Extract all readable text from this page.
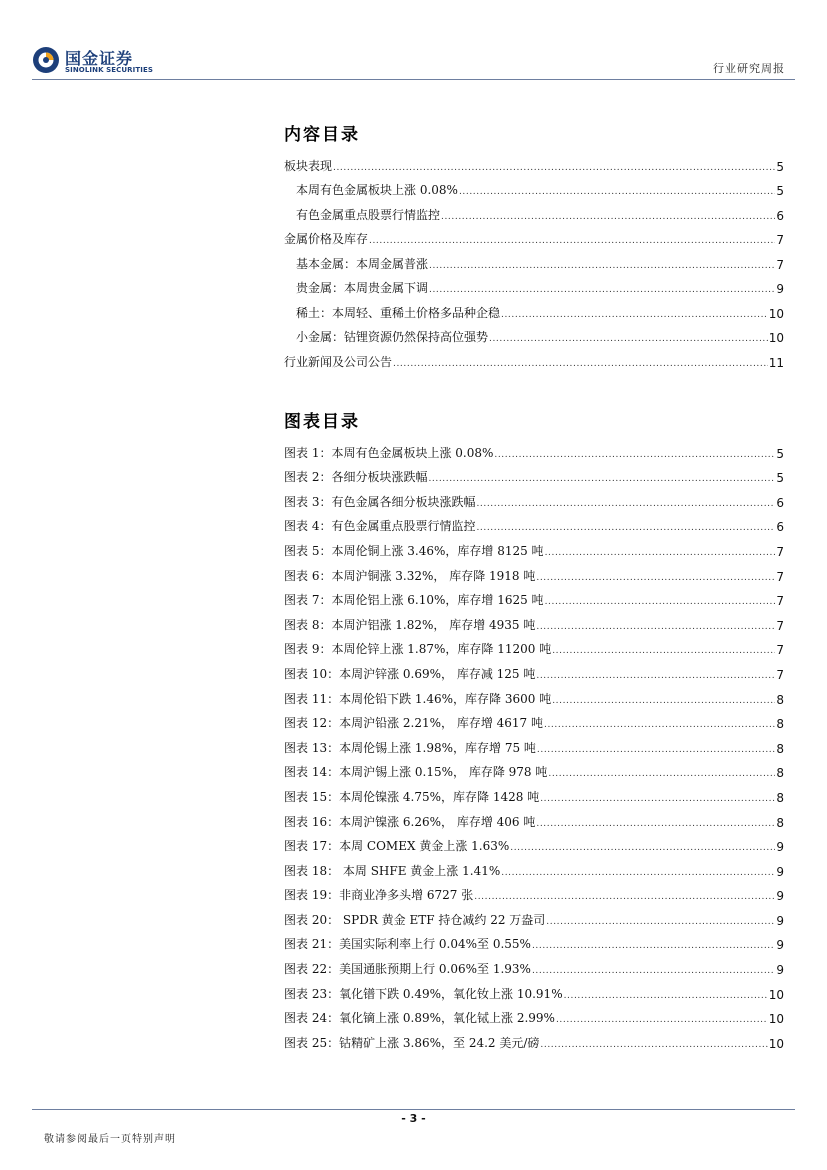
国金证券
SINOLINK SECURITIES	行业研究周报
内容目录
板块表现 .....	5
本周有色金属板块上涨 0.08% .....	5
有色金属重点股票行情监控 .....	6
金属价格及库存 .....	7
基本金属：本周金属普涨 .....	7
贵金属：本周贵金属下调 .....	9
稀土：本周轻、重稀土价格多品种企稳 .....	10
小金属：钴锂资源仍然保持高位强势 .....	10
行业新闻及公司公告 .....	11
图表目录
图表 1：本周有色金属板块上涨 0.08% .....	5
图表 2：各细分板块涨跌幅 .....	5
图表 3：有色金属各细分板块涨跌幅 .....	6
图表 4：有色金属重点股票行情监控 .....	6
图表 5：本周伦铜上涨 3.46%，库存增 8125 吨 .....	7
图表 6：本周沪铜涨 3.32%， 库存降 1918 吨 .....	7
图表 7：本周伦铝上涨 6.10%，库存增 1625 吨 .....	7
图表 8：本周沪铝涨 1.82%， 库存增 4935 吨 .....	7
图表 9：本周伦锌上涨 1.87%，库存降 11200 吨 .....	7
图表 10：本周沪锌涨 0.69%， 库存减 125 吨 .....	7
图表 11：本周伦铅下跌 1.46%，库存降 3600 吨 .....	8
图表 12：本周沪铅涨 2.21%， 库存增 4617 吨 .....	8
图表 13：本周伦锡上涨 1.98%，库存增 75 吨 .....	8
图表 14：本周沪锡上涨 0.15%， 库存降 978 吨 .....	8
图表 15：本周伦镍涨 4.75%，库存降 1428 吨 .....	8
图表 16：本周沪镍涨 6.26%， 库存增 406 吨 .....	8
图表 17：本周 COMEX 黄金上涨 1.63% .....	9
图表 18： 本周 SHFE 黄金上涨 1.41% .....	9
图表 19：非商业净多头增 6727 张 .....	9
图表 20： SPDR 黄金 ETF 持仓减约 22 万盎司 .....	9
图表 21：美国实际利率上行 0.04%至 0.55% .....	9
图表 22：美国通胀预期上行 0.06%至 1.93% .....	9
图表 23：氧化镨下跌 0.49%，氧化钕上涨 10.91% .....	10
图表 24：氧化镝上涨 0.89%，氧化铽上涨 2.99% .....	10
图表 25：钴精矿上涨 3.86%，至 24.2 美元/磅 .....	10
- 3 -
敬请参阅最后一页特别声明
